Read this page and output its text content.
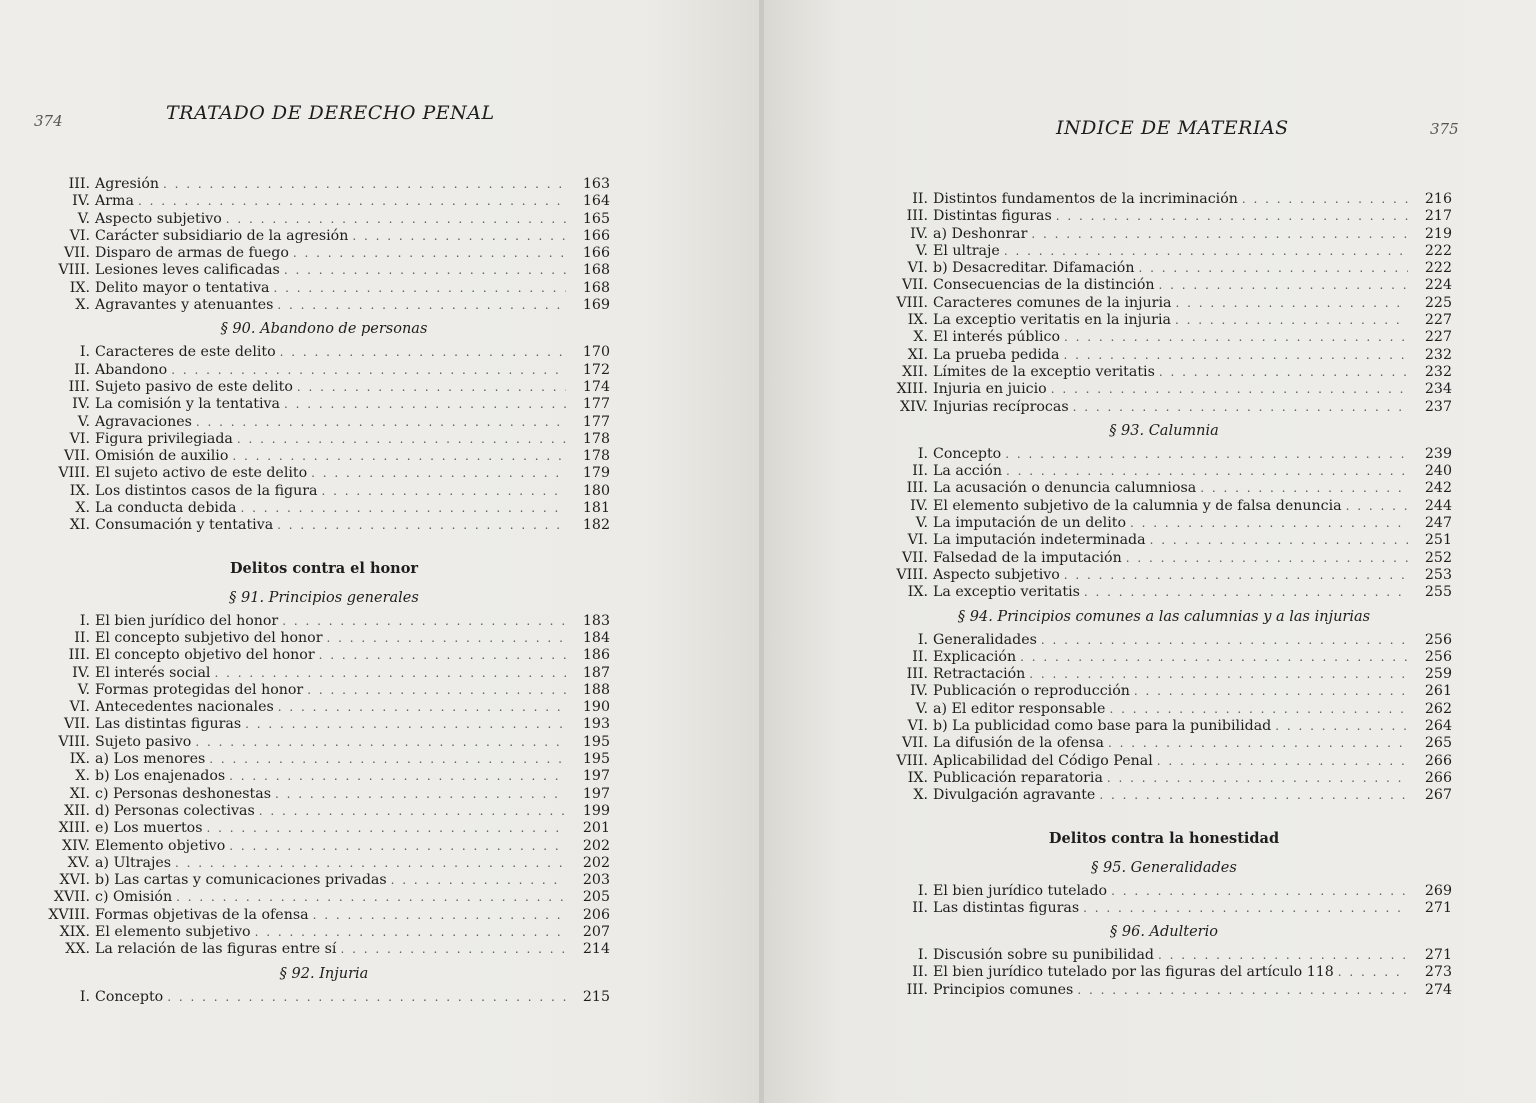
374	TRATADO DE DERECHO PENAL
III. Agresión . . .	163
IV. Arma . . .	164
V. Aspecto subjetivo . . .	165
VI. Carácter subsidiario de la agresión . . .	166
VII. Disparo de armas de fuego . . .	166
VIII. Lesiones leves calificadas . . .	168
IX. Delito mayor o tentativa . . .	168
X. Agravantes y atenuantes . . .	169
§ 90. Abandono de personas
I. Caracteres de este delito . . .	170
II. Abandono . . .	172
III. Sujeto pasivo de este delito . . .	174
IV. La comisión y la tentativa . . .	177
V. Agravaciones . . .	177
VI. Figura privilegiada . . .	178
VII. Omisión de auxilio . . .	178
VIII. El sujeto activo de este delito . . .	179
IX. Los distintos casos de la figura . . .	180
X. La conducta debida . . .	181
XI. Consumación y tentativa . . .	182
Delitos contra el honor
§ 91. Principios generales
I. El bien jurídico del honor . . .	183
II. El concepto subjetivo del honor . . .	184
III. El concepto objetivo del honor . . .	186
IV. El interés social . . .	187
V. Formas protegidas del honor . . .	188
VI. Antecedentes nacionales . . .	190
VII. Las distintas figuras . . .	193
VIII. Sujeto pasivo . . .	195
IX. a) Los menores . . .	195
X. b) Los enajenados . . .	197
XI. c) Personas deshonestas . . .	197
XII. d) Personas colectivas . . .	199
XIII. e) Los muertos . . .	201
XIV. Elemento objetivo . . .	202
XV. a) Ultrajes . . .	202
XVI. b) Las cartas y comunicaciones privadas . . .	203
XVII. c) Omisión . . .	205
XVIII. Formas objetivas de la ofensa . . .	206
XIX. El elemento subjetivo . . .	207
XX. La relación de las figuras entre sí . . .	214
§ 92. Injuria
I. Concepto . . .	215
INDICE DE MATERIAS	375
II. Distintos fundamentos de la incriminación . . .	216
III. Distintas figuras . . .	217
IV. a) Deshonrar . . .	219
V. El ultraje . . .	222
VI. b) Desacreditar. Difamación . . .	222
VII. Consecuencias de la distinción . . .	224
VIII. Caracteres comunes de la injuria . . .	225
IX. La exceptio veritatis en la injuria . . .	227
X. El interés público . . .	227
XI. La prueba pedida . . .	232
XII. Límites de la exceptio veritatis . . .	232
XIII. Injuria en juicio . . .	234
XIV. Injurias recíprocas . . .	237
§ 93. Calumnia
I. Concepto . . .	239
II. La acción . . .	240
III. La acusación o denuncia calumniosa . . .	242
IV. El elemento subjetivo de la calumnia y de falsa denuncia . . .	244
V. La imputación de un delito . . .	247
VI. La imputación indeterminada . . .	251
VII. Falsedad de la imputación . . .	252
VIII. Aspecto subjetivo . . .	253
IX. La exceptio veritatis . . .	255
§ 94. Principios comunes a las calumnias y a las injurias
I. Generalidades . . .	256
II. Explicación . . .	256
III. Retractación . . .	259
IV. Publicación o reproducción . . .	261
V. a) El editor responsable . . .	262
VI. b) La publicidad como base para la punibilidad . . .	264
VII. La difusión de la ofensa . . .	265
VIII. Aplicabilidad del Código Penal . . .	266
IX. Publicación reparatoria . . .	266
X. Divulgación agravante . . .	267
Delitos contra la honestidad
§ 95. Generalidades
I. El bien jurídico tutelado . . .	269
II. Las distintas figuras . . .	271
§ 96. Adulterio
I. Discusión sobre su punibilidad . . .	271
II. El bien jurídico tutelado por las figuras del artículo 118 . . .	273
III. Principios comunes . . .	274
